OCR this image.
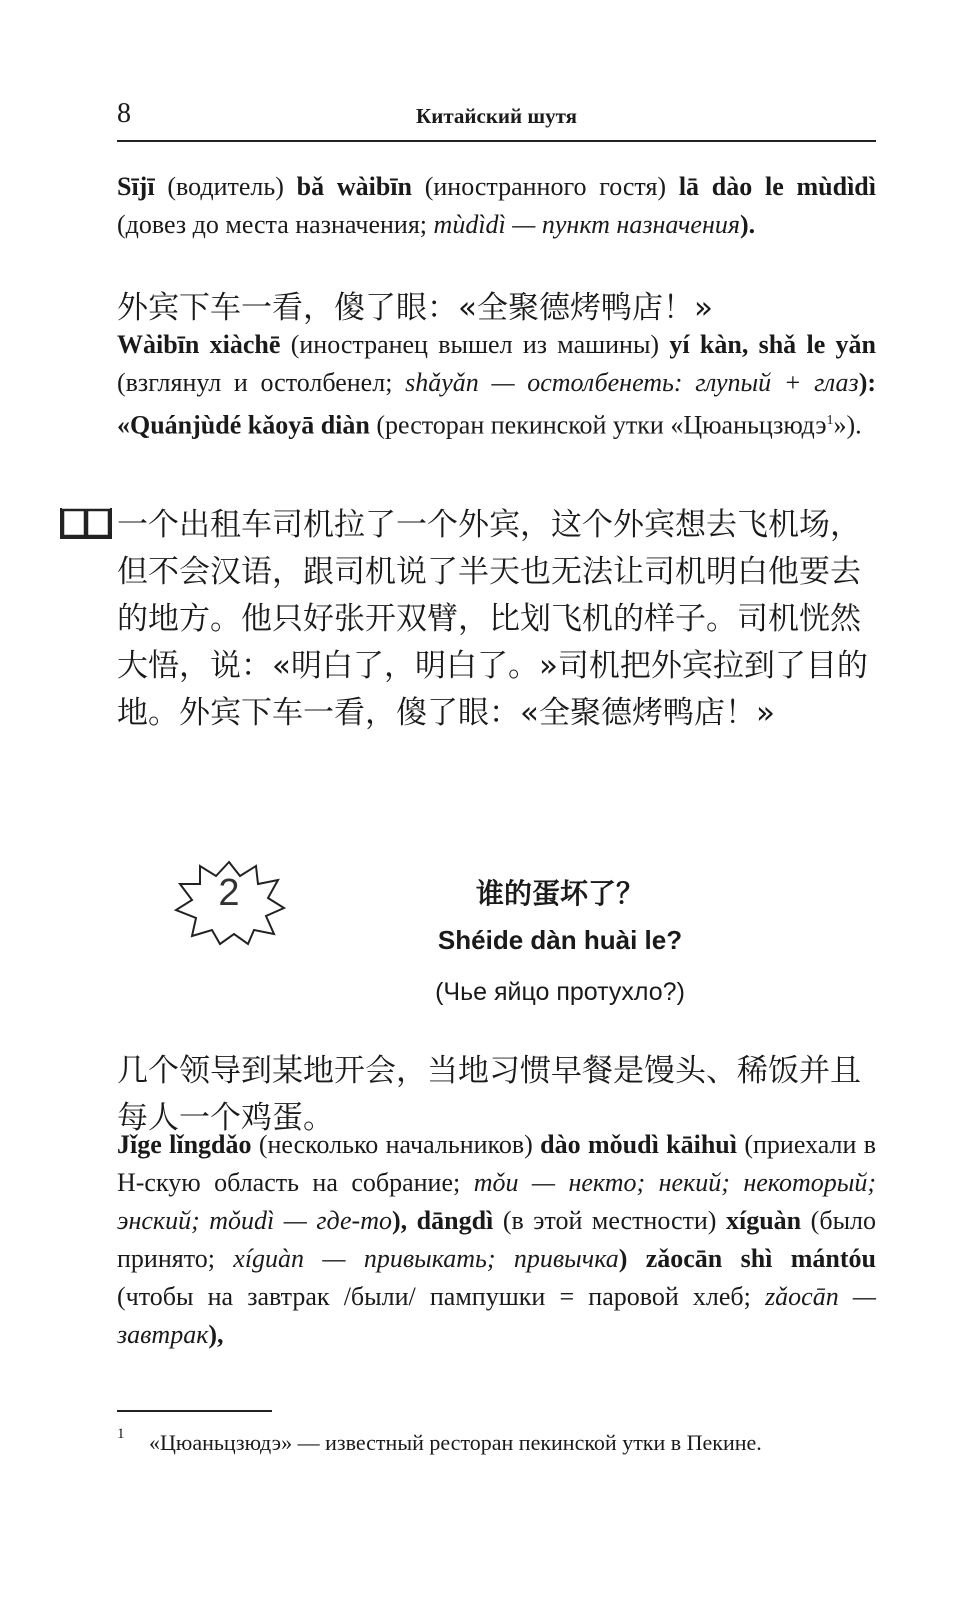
8	Китайский шутя
Sījī (водитель) bǎ wàibīn (иностранного гостя) lā dào le mùdìdì (довез до места назначения; mùdìdì — пункт назначения).
外宾下车一看，傻了眼：«全聚德烤鸭店！»
Wàibīn xiàchē (иностранец вышел из машины) yí kàn, shǎ le yǎn (взглянул и остолбенел; shǎyǎn — остолбенеть: глупый + глаз): «Quánjùdé kǎoyā diàn (ресторан пекинской утки «Цюаньцзюдэ$^1$»).
一个出租车司机拉了一个外宾，这个外宾想去飞机场，但不会汉语，跟司机说了半天也无法让司机明白他要去的地方。他只好张开双臂，比划飞机的样子。司机恍然大悟，说：«明白了，明白了。»司机把外宾拉到了目的地。外宾下车一看，傻了眼：«全聚德烤鸭店！»
2	谁的蛋坏了？
Shéide dàn huài le?
(Чье яйцо протухло?)
几个领导到某地开会，当地习惯早餐是馒头、稀饭并且每人一个鸡蛋。
Jǐge lǐngdǎo (несколько начальников) dào mǒudì kāihuì (приехали в Н-скую область на собрание; mǒu — некто; некий; некоторый; энский; mǒudì — где-то), dāngdì (в этой местности) xíguàn (было принято; xíguàn — привыкать; привычка) zǎocān shì mántóu (чтобы на завтрак /были/ пампушки = паровой хлеб; zǎocān — завтрак),
1 «Цюаньцзюдэ» — известный ресторан пекинской утки в Пекине.
